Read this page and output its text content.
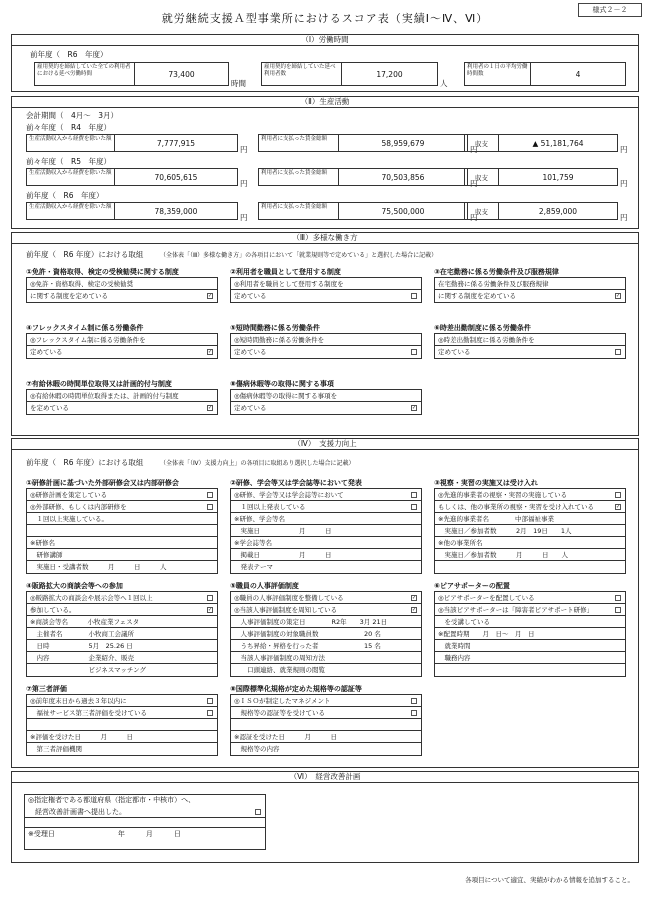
様式２－２
就労継続支援Ａ型事業所におけるスコア表（実績Ⅰ～Ⅳ、Ⅵ）
（Ⅰ）労働時間
前年度（　R6　年度）
雇用契約を締結していた全ての利用者における延べ労働時間	73,400
時間
雇用契約を締結していた延べ利用者数	17,200
人
利用者の１日の平均労働時間数	4
（Ⅱ）生産活動
会計期間（　4月～　3月）
前々年度（　R4　年度）
生産活動収入から経費を除いた額	7,777,915
円
利用者に支払った賃金総額	58,959,679
円
収支	▲ 51,181,764
円
前々年度（　R5　年度）
生産活動収入から経費を除いた額	70,605,615
円
利用者に支払った賃金総額	70,503,856
円
収支	101,759
円
前年度（　R6　年度）
生産活動収入から経費を除いた額	78,359,000
円
利用者に支払った賃金総額	75,500,000
円
収支	2,859,000
円
（Ⅲ）多様な働き方
前年度（　R6 年度）における取組	（全体表「（Ⅲ）多様な働き方」の各項目において「就業規則等で定めている」と選択した場合に記載）
①免許・資格取得、検定の受検勧奨に関する制度
◎免許・資格取得、検定の受検勧奨
に関する制度を定めている	✓
②利用者を職員として登用する制度
◎利用者を職員として登用する制度を
定めている
③在宅勤務に係る労働条件及び服務規律
在宅勤務に係る労働条件及び服務規律
に関する制度を定めている	✓
④フレックスタイム制に係る労働条件
◎フレックスタイム制に係る労働条件を
定めている	✓
⑤短時間勤務に係る労働条件
◎短時間勤務に係る労働条件を
定めている
⑥時差出勤制度に係る労働条件
◎時差出勤制度に係る労働条件を
定めている
⑦有給休暇の時間単位取得又は計画的付与制度
◎有給休暇の時間単位取得または、計画的付与制度
を定めている	✓
⑧傷病休暇等の取得に関する事項
◎傷病休暇等の取得に関する事項を
定めている	✓
（Ⅳ）　支援力向上
前年度（　R6 年度）における取組	（全体表「（Ⅳ）支援力向上」の各項目に取組あり選択した場合に記載）
①研修計画に基づいた外部研修会又は内部研修会
◎研修計画を策定している
◎外部研修、もしくは内部研修を
　１回以上実施している。
※研修名
　研修講師
　実施日・受講者数　　　月　　　日　　　人
②研修、学会等又は学会誌等において発表
◎研修、学会等又は学会誌等において
　１回以上発表している
※研修、学会等名
　実施日　　　　　　月　　　日
※学会誌等名
　掲載日　　　　　　月　　　日
　発表テーマ
③視察・実習の実施又は受け入れ
◎先進的事業者の視察・実習の実施している
もしくは、他の事業所の視察・実習を受け入れている	✓
※先進的事業者名　　　　中部福祉事業
　実施日／参加者数　　　2月　19日　　1人
※他の事業所名
　実施日／参加者数　　　月　　　日　　人
④販路拡大の商談会等への参加
◎販路拡大の商談会や展示会等へ１回以上
参加している。	✓
※商談会等名　　　小牧産業フェスタ
　主催者名　　　　小牧商工会議所
　日時　　　　　　5月　25.26 日
　内容　　　　　　企業紹介、販売
　　　　　　　　　ビジネスマッチング
⑤職員の人事評価制度
◎職員の人事評価制度を整備している	✓
◎当該人事評価制度を周知している	✓
　人事評価制度の策定日　　　　R2年　　3月 21日
　人事評価制度の対象職員数　　　　　　　20 名
　うち昇給・昇格を行った者　　　　　　　15 名
　当該人事評価制度の周知方法
　　口頭連絡、就業規則の閲覧
⑥ピアサポーターの配置
◎ピアサポーターを配置している
◎当該ピアサポーターは「障害者ピアサポート研修」
　を受講している
※配置時期　　月　日～　月　日
　就業時間
　職務内容
⑦第三者評価
◎前年度末日から過去３年以内に
　福祉サービス第三者評価を受けている
※評価を受けた日　　　月　　　日
　第三者評価機関
⑧国際標準化規格が定めた規格等の認証等
◎ＩＳＯが制定したマネジメント
　規格等の認証等を受けている
※認証を受けた日　　　月　　　日
　規格等の内容
（Ⅵ）　経営改善計画
◎指定権者である都道府県（指定都市・中核市）へ、
　経営改善計画書へ提出した。
※受理日　　　　　　　　　年　　　月　　　日
各項目について適宜、実績がわかる情報を追加すること。
